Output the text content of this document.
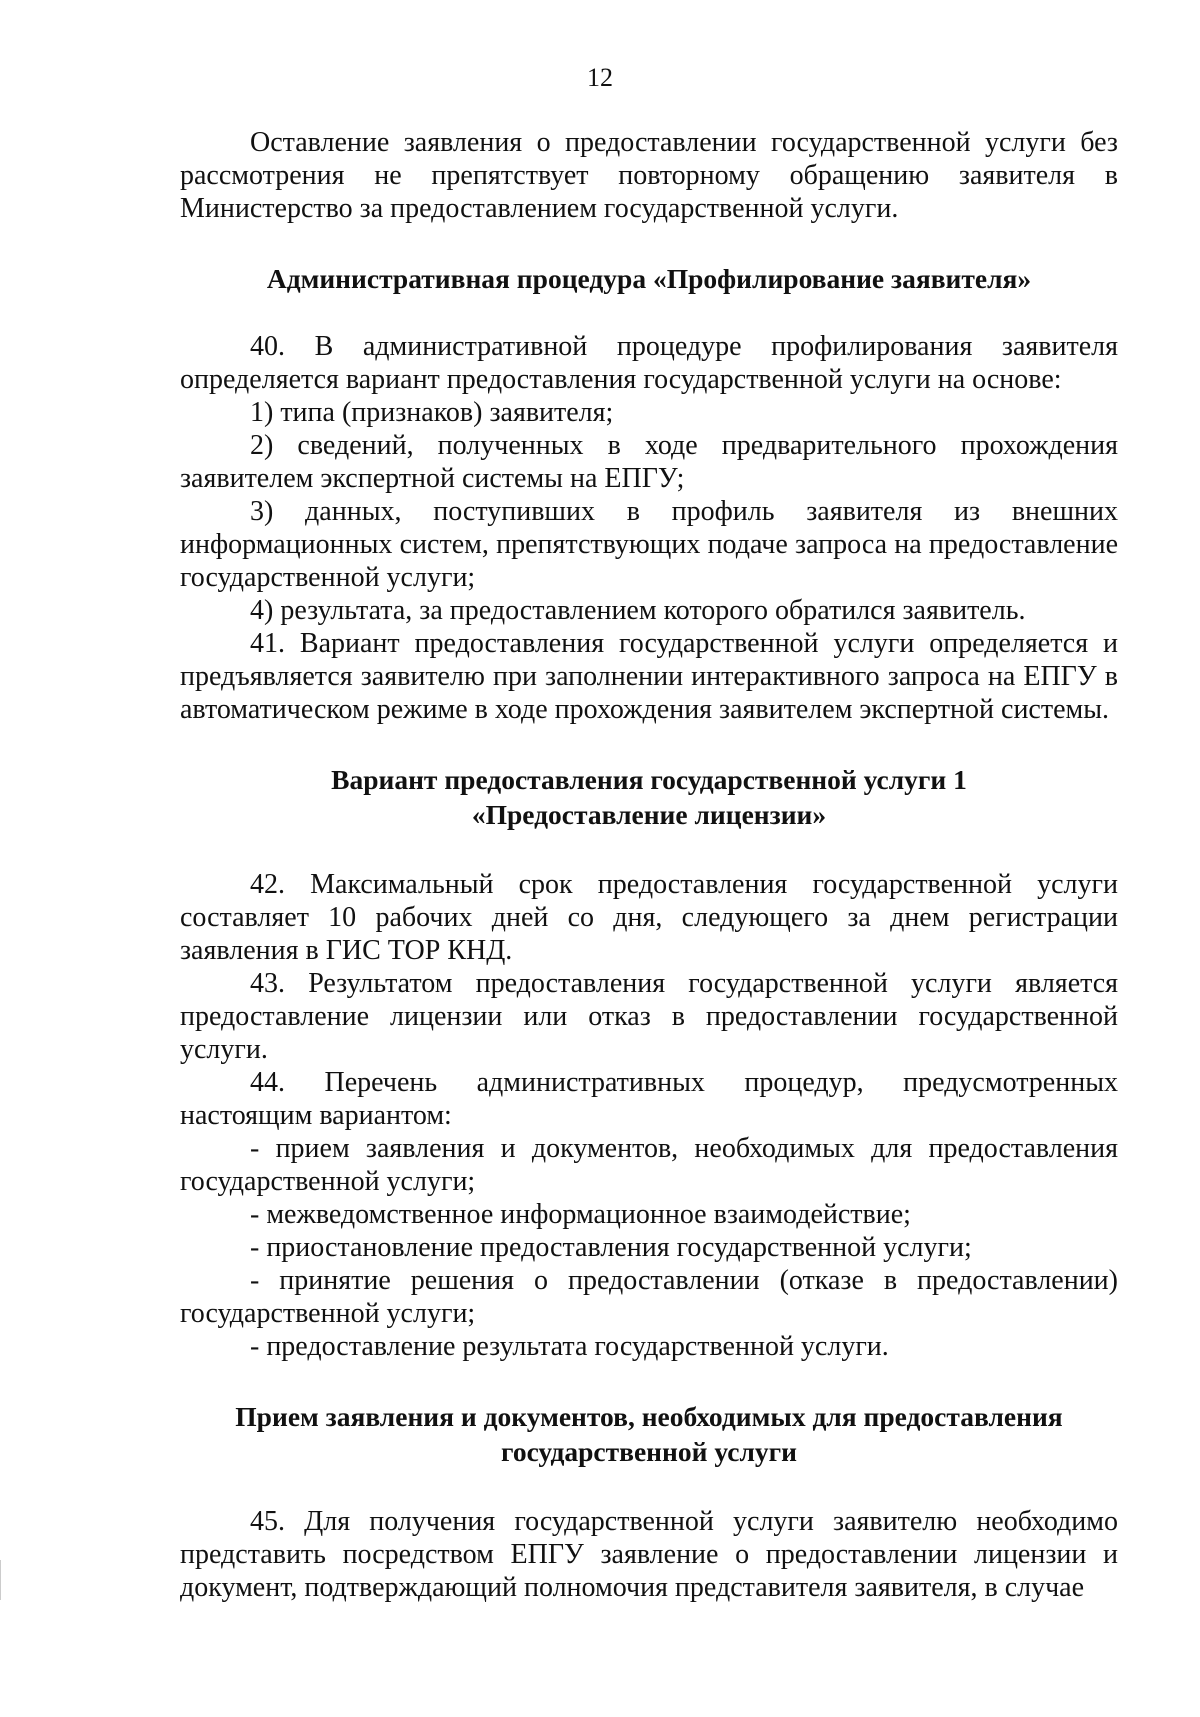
12

Оставление заявления о предоставлении государственной услуги без рассмотрения не препятствует повторному обращению заявителя в Министерство за предоставлением государственной услуги.

Административная процедура «Профилирование заявителя»

40. В административной процедуре профилирования заявителя определяется вариант предоставления государственной услуги на основе:

1) типа (признаков) заявителя;

2) сведений, полученных в ходе предварительного прохождения заявителем экспертной системы на ЕПГУ;

3) данных, поступивших в профиль заявителя из внешних информационных систем, препятствующих подаче запроса на предоставление государственной услуги;

4) результата, за предоставлением которого обратился заявитель.

41. Вариант предоставления государственной услуги определяется и предъявляется заявителю при заполнении интерактивного запроса на ЕПГУ в автоматическом режиме в ходе прохождения заявителем экспертной системы.

Вариант предоставления государственной услуги 1
«Предоставление лицензии»

42. Максимальный срок предоставления государственной услуги составляет 10 рабочих дней со дня, следующего за днем регистрации заявления в ГИС ТОР КНД.

43. Результатом предоставления государственной услуги является предоставление лицензии или отказ в предоставлении государственной услуги.

44. Перечень административных процедур, предусмотренных настоящим вариантом:

- прием заявления и документов, необходимых для предоставления государственной услуги;

- межведомственное информационное взаимодействие;

- приостановление предоставления государственной услуги;

- принятие решения о предоставлении (отказе в предоставлении) государственной услуги;

- предоставление результата государственной услуги.

Прием заявления и документов, необходимых для предоставления
государственной услуги

45. Для получения государственной услуги заявителю необходимо представить посредством ЕПГУ заявление о предоставлении лицензии и документ, подтверждающий полномочия представителя заявителя, в случае
